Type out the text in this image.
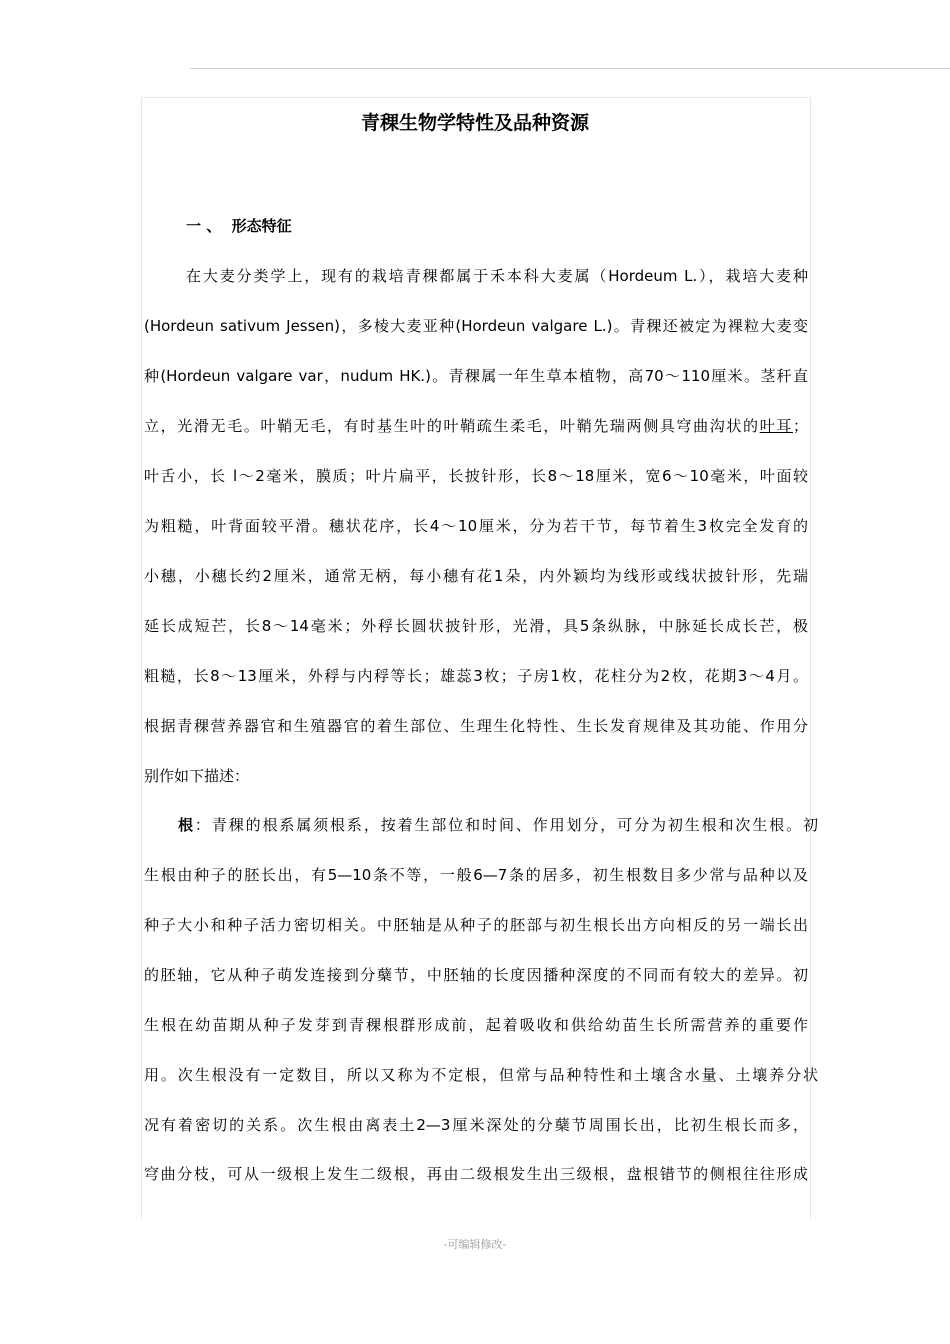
青稞生物学特性及品种资源
一 、  形态特征
在大麦分类学上，现有的栽培青稞都属于禾本科大麦属（Hordeum L.），栽培大麦种
(Hordeun sativum Jessen)，多棱大麦亚种(Hordeun valgare L.)。青稞还被定为裸粒大麦变
种(Hordeun valgare var，nudum HK.)。青稞属一年生草本植物，高70～110厘米。茎秆直
立，光滑无毛。叶鞘无毛，有时基生叶的叶鞘疏生柔毛，叶鞘先瑞两侧具穹曲沟状的叶耳；
叶舌小，长 l～2毫米，膜质；叶片扁平，长披针形，长8～18厘米，宽6～10毫米，叶面较
为粗糙，叶背面较平滑。穗状花序，长4～10厘米，分为若干节，每节着生3枚完全发育的
小穗，小穗长约2厘米，通常无柄，每小穗有花1朵，内外颖均为线形或线状披针形，先瑞
延长成短芒，长8～14毫米；外稃长圆状披针形，光滑，具5条纵脉，中脉延长成长芒，极
粗糙，长8～13厘米，外稃与内稃等长；雄蕊3枚；子房1枚，花柱分为2枚，花期3～4月。
根据青稞营养器官和生殖器官的着生部位、生理生化特性、生长发育规律及其功能、作用分
别作如下描述：
根：青稞的根系属须根系，按着生部位和时间、作用划分，可分为初生根和次生根。初
生根由种子的胚长出，有5—10条不等，一般6—7条的居多，初生根数目多少常与品种以及
种子大小和种子活力密切相关。中胚轴是从种子的胚部与初生根长出方向相反的另一端长出
的胚轴，它从种子萌发连接到分蘖节，中胚轴的长度因播种深度的不同而有较大的差异。初
生根在幼苗期从种子发芽到青稞根群形成前，起着吸收和供给幼苗生长所需营养的重要作
用。次生根没有一定数目，所以又称为不定根，但常与品种特性和土壤含水量、土壤养分状
况有着密切的关系。次生根由离表土2—3厘米深处的分蘖节周围长出，比初生根长而多，
穹曲分枝，可从一级根上发生二级根，再由二级根发生出三级根，盘根错节的侧根往往形成
-可编辑修改-
